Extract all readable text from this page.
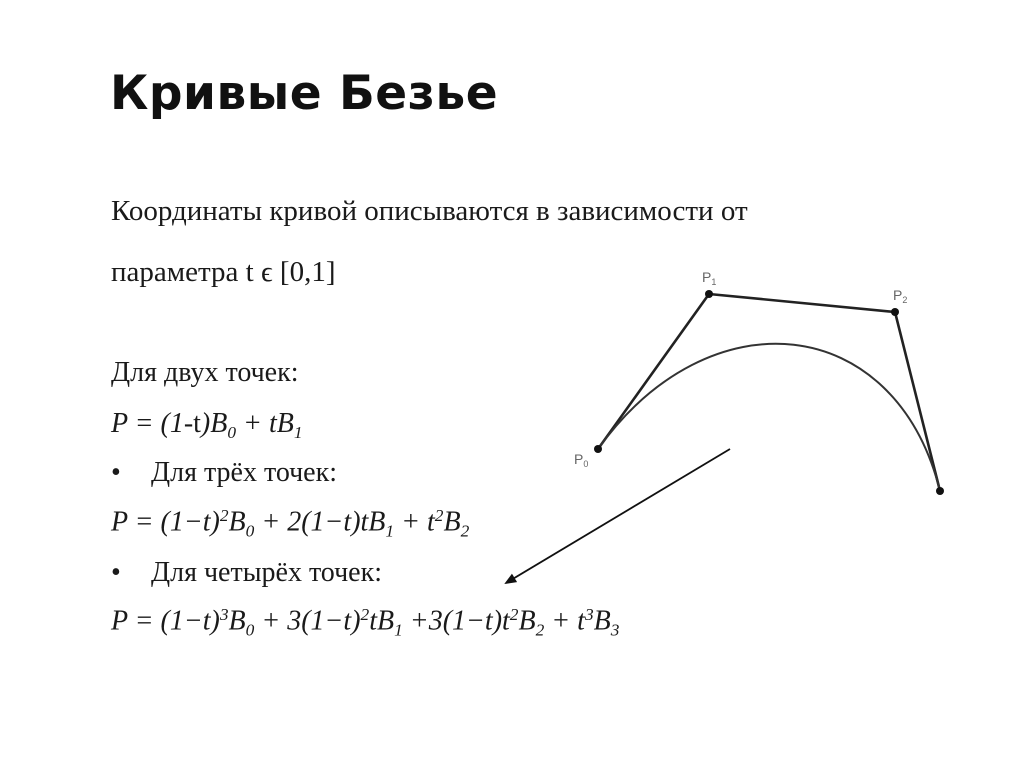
Кривые Безье

Координаты кривой описываются в зависимости от

параметра t ϵ [0,1]

Для двух точек:

$P = (1-t)B_0 + tB_1$

• Для трёх точек:

$P = (1-t)^2B_0 + 2(1-t)tB_1 + t^2B_2$

• Для четырёх точек:

$P = (1-t)^3B_0 + 3(1-t)^2tB_1 +3(1-t)t^2B_2 + t^3B_3$

$P_0$
$P_1$
$P_2$
